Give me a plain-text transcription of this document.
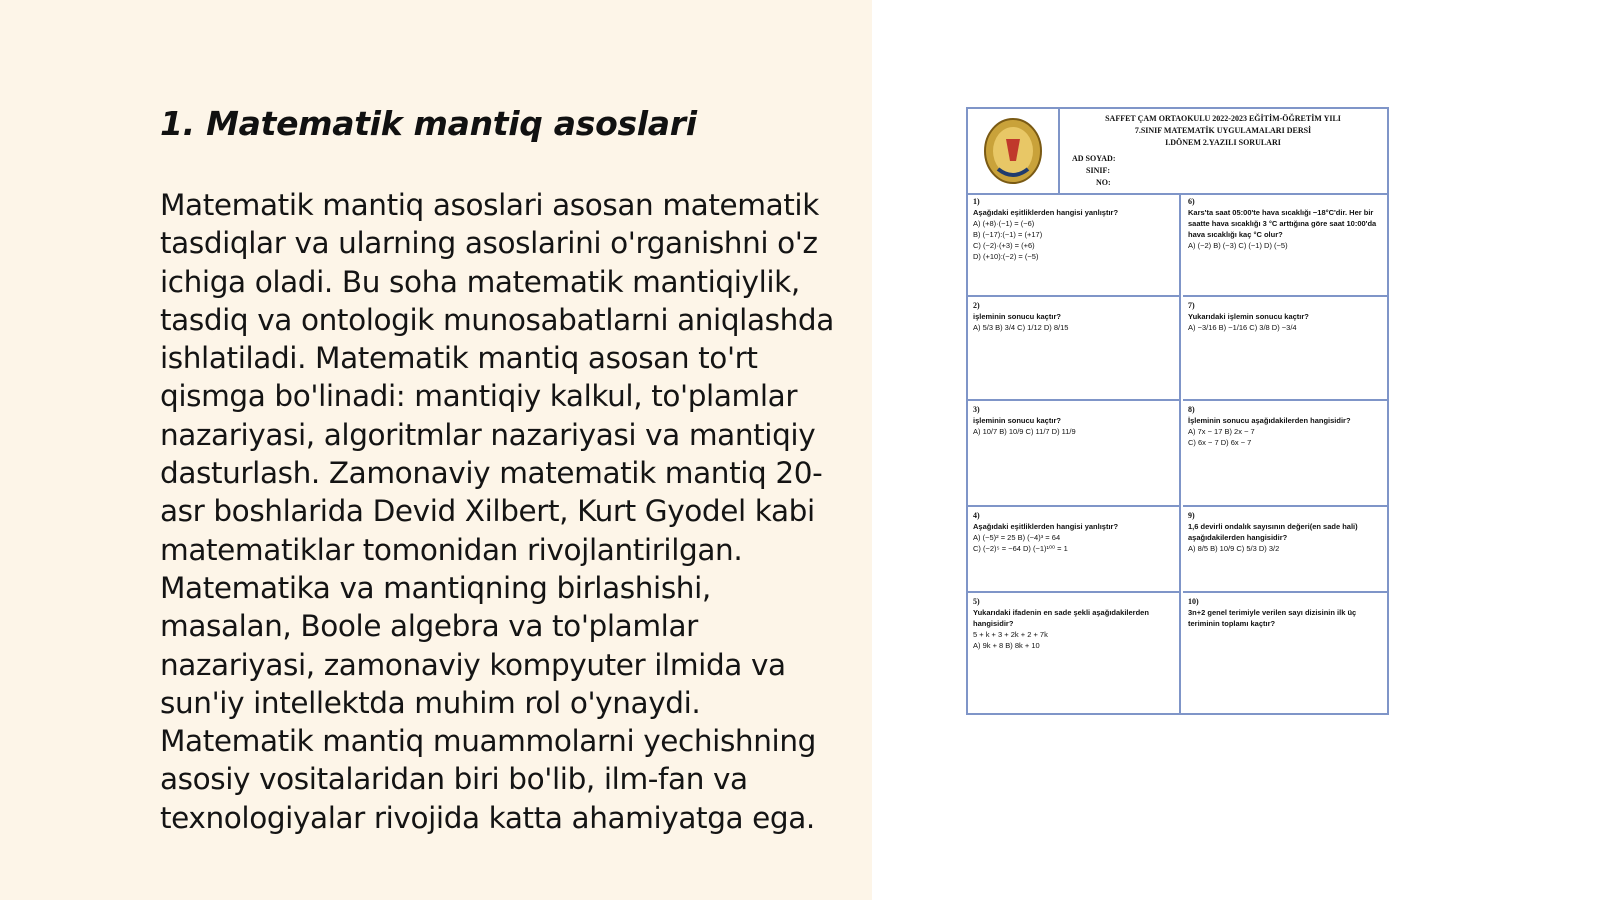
1. Matematik mantiq asoslari

Matematik mantiq asoslari asosan matematik tasdiqlar va ularning asoslarini o'rganishni o'z ichiga oladi. Bu soha matematik mantiqiylik, tasdiq va ontologik munosabatlarni aniqlashda ishlatiladi. Matematik mantiq asosan to'rt qismga bo'linadi: mantiqiy kalkul, to'plamlar nazariyasi, algoritmlar nazariyasi va mantiqiy dasturlash. Zamonaviy matematik mantiq 20-asr boshlarida Devid Xilbert, Kurt Gyodel kabi matematiklar tomonidan rivojlantirilgan. Matematika va mantiqning birlashishi, masalan, Boole algebra va to'plamlar nazariyasi, zamonaviy kompyuter ilmida va sun'iy intellektda muhim rol o'ynaydi. Matematik mantiq muammolarni yechishning asosiy vositalaridan biri bo'lib, ilm-fan va texnologiyalar rivojida katta ahamiyatga ega.

SAFFET ÇAM ORTAOKULU 2022-2023 EĞİTİM-ÖĞRETİM YILI
7.SINIF MATEMATİK UYGULAMALARI DERSİ
I.DÖNEM 2.YAZILI SORULARI
AD SOYAD:
SINIF:
NO:
1)
Aşağıdaki eşitliklerden hangisi yanlıştır?
A) (+8)·(−1) = (−6)
B) (−17):(−1) = (+17)
C) (−2)·(+3) = (+6)
D) (+10):(−2) = (−5)
6)
Kars'ta saat 05:00'te hava sıcaklığı −18°C'dir. Her bir saatte hava sıcaklığı 3 °C arttığına göre saat 10:00'da hava sıcaklığı kaç °C olur?
A) (−2) B) (−3) C) (−1) D) (−5)
2)
işleminin sonucu kaçtır?
A) 5/3 B) 3/4 C) 1/12 D) 8/15
7)
Yukarıdaki işlemin sonucu kaçtır?
A) −3/16 B) −1/16 C) 3/8 D) −3/4
3)
işleminin sonucu kaçtır?
A) 10/7 B) 10/9 C) 11/7 D) 11/9
8)
İşleminin sonucu aşağıdakilerden hangisidir?
A) 7x − 17 B) 2x − 7
C) 6x − 7 D) 6x − 7
4)
Aşağıdaki eşitliklerden hangisi yanlıştır?
A) (−5)² = 25 B) (−4)³ = 64
C) (−2)⁵ = −64 D) (−1)¹⁰⁰ = 1
9)
1,6 devirli ondalık sayısının değeri(en sade hali) aşağıdakilerden hangisidir?
A) 8/5 B) 10/9 C) 5/3 D) 3/2
5)
Yukarıdaki ifadenin en sade şekli aşağıdakilerden hangisidir?
5 + k + 3 + 2k + 2 + 7k
A) 9k + 8 B) 8k + 10
10)
3n+2 genel terimiyle verilen sayı dizisinin ilk üç teriminin toplamı kaçtır?
